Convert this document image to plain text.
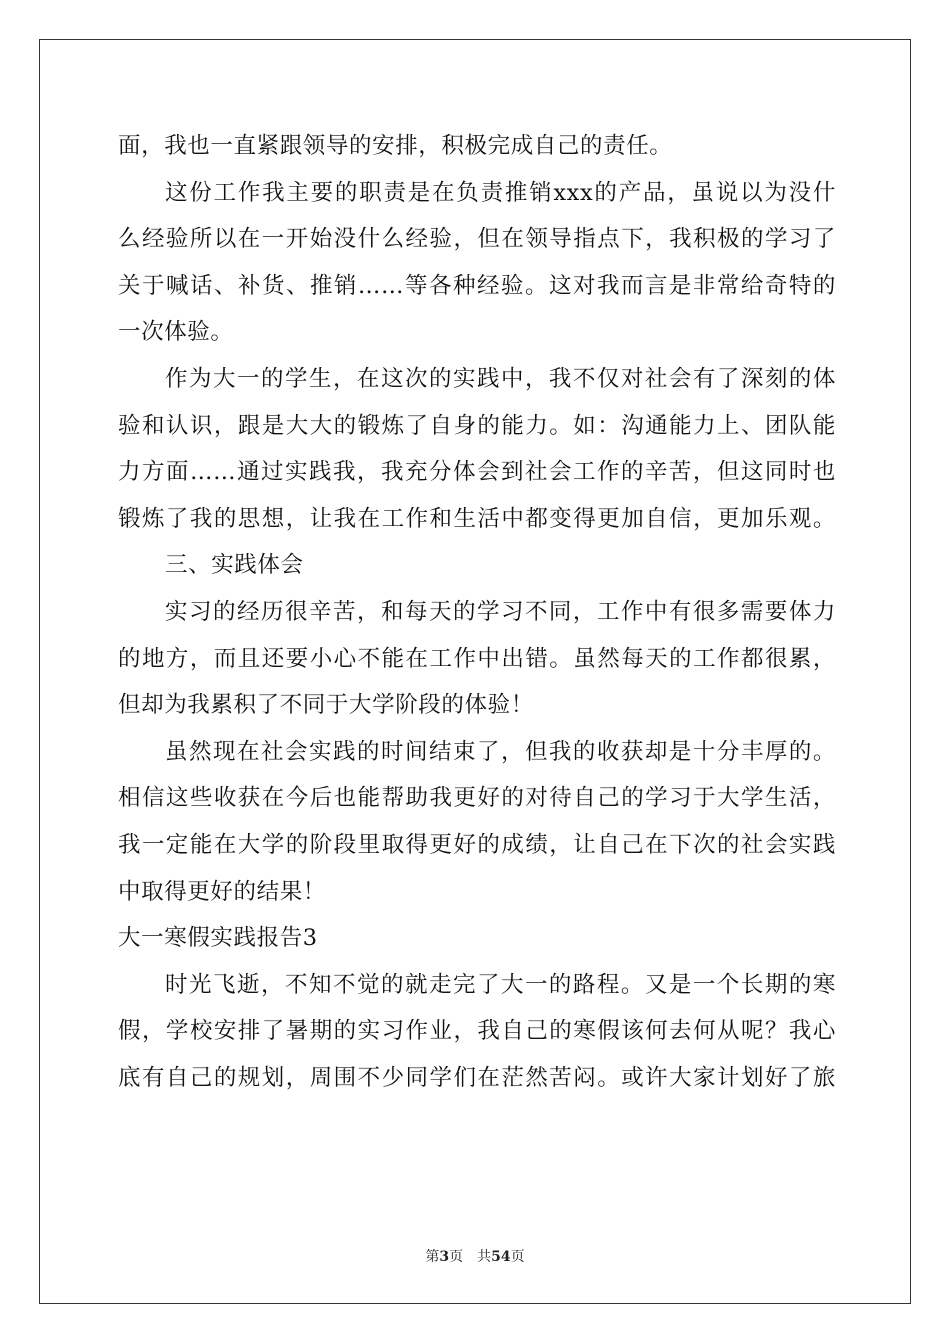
面，我也一直紧跟领导的安排，积极完成自己的责任。
这份工作我主要的职责是在负责推销xxx的产品，虽说以为没什
么经验所以在一开始没什么经验，但在领导指点下，我积极的学习了
关于喊话、补货、推销……等各种经验。这对我而言是非常给奇特的
一次体验。
作为大一的学生，在这次的实践中，我不仅对社会有了深刻的体
验和认识，跟是大大的锻炼了自身的能力。如：沟通能力上、团队能
力方面……通过实践我，我充分体会到社会工作的辛苦，但这同时也
锻炼了我的思想，让我在工作和生活中都变得更加自信，更加乐观。
三、实践体会
实习的经历很辛苦，和每天的学习不同，工作中有很多需要体力
的地方，而且还要小心不能在工作中出错。虽然每天的工作都很累，
但却为我累积了不同于大学阶段的体验！
虽然现在社会实践的时间结束了，但我的收获却是十分丰厚的。
相信这些收获在今后也能帮助我更好的对待自己的学习于大学生活，
我一定能在大学的阶段里取得更好的成绩，让自己在下次的社会实践
中取得更好的结果！
大一寒假实践报告3
时光飞逝，不知不觉的就走完了大一的路程。又是一个长期的寒
假，学校安排了暑期的实习作业，我自己的寒假该何去何从呢？我心
底有自己的规划，周围不少同学们在茫然苦闷。或许大家计划好了旅
第3页 共54页
